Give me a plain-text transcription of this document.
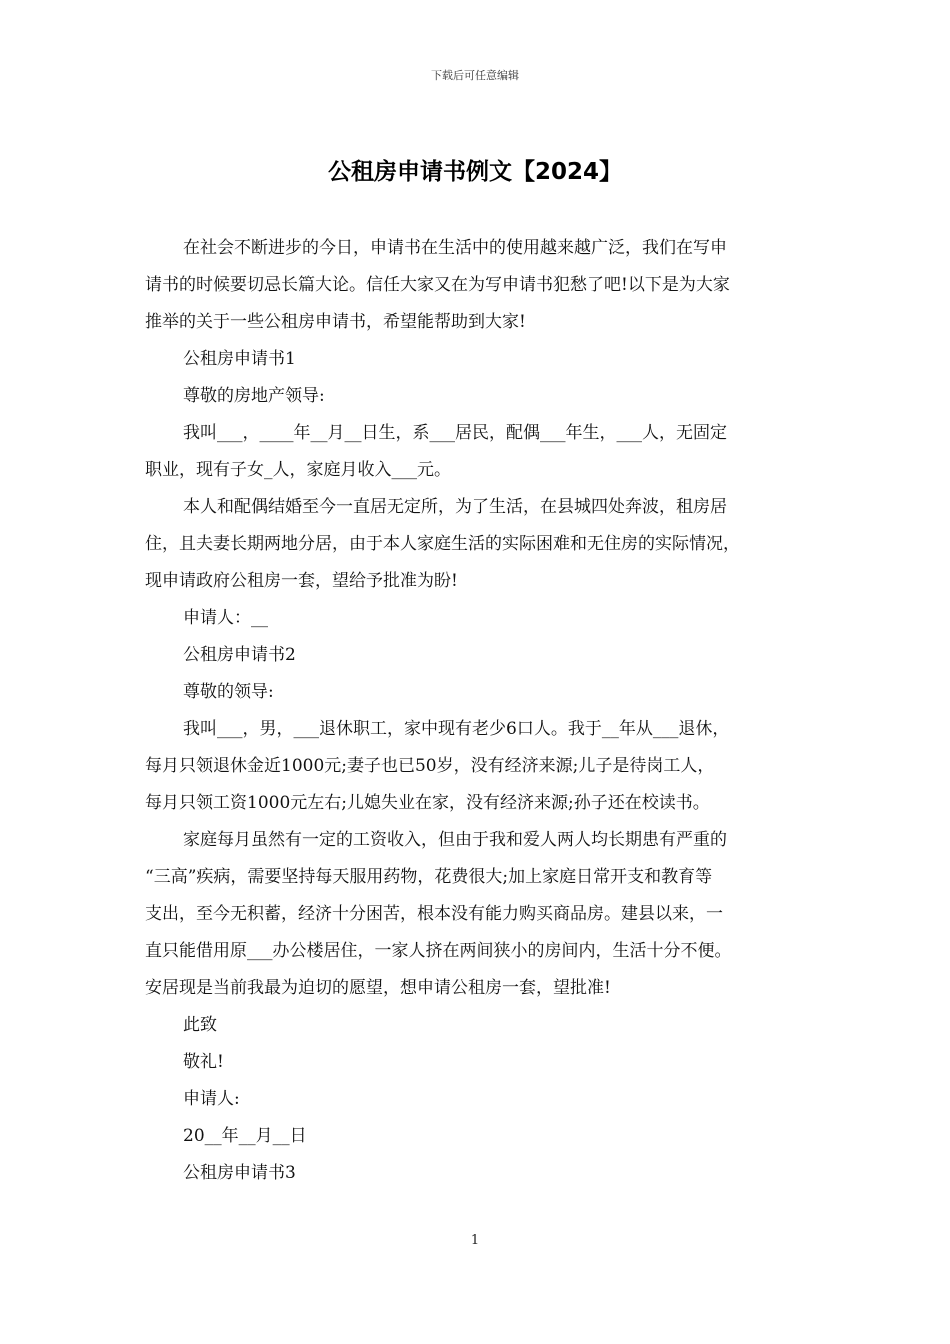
下载后可任意编辑
公租房申请书例文【2024】
在社会不断进步的今日，申请书在生活中的使用越来越广泛，我们在写申
请书的时候要切忌长篇大论。信任大家又在为写申请书犯愁了吧!以下是为大家
推举的关于一些公租房申请书，希望能帮助到大家!
公租房申请书1
尊敬的房地产领导:
我叫___，____年__月__日生，系___居民，配偶___年生，___人，无固定
职业，现有子女_人，家庭月收入___元。
本人和配偶结婚至今一直居无定所，为了生活，在县城四处奔波，租房居
住，且夫妻长期两地分居，由于本人家庭生活的实际困难和无住房的实际情况，
现申请政府公租房一套，望给予批准为盼!
申请人：__
公租房申请书2
尊敬的领导:
我叫___，男，___退休职工，家中现有老少6口人。我于__年从___退休，
每月只领退休金近1000元;妻子也已50岁，没有经济来源;儿子是待岗工人，
每月只领工资1000元左右;儿媳失业在家，没有经济来源;孙子还在校读书。
家庭每月虽然有一定的工资收入，但由于我和爱人两人均长期患有严重的
“三高”疾病，需要坚持每天服用药物，花费很大;加上家庭日常开支和教育等
支出，至今无积蓄，经济十分困苦，根本没有能力购买商品房。建县以来，一
直只能借用原___办公楼居住，一家人挤在两间狭小的房间内，生活十分不便。
安居现是当前我最为迫切的愿望，想申请公租房一套，望批准!
此致
敬礼!
申请人:
20__年__月__日
公租房申请书3
1
